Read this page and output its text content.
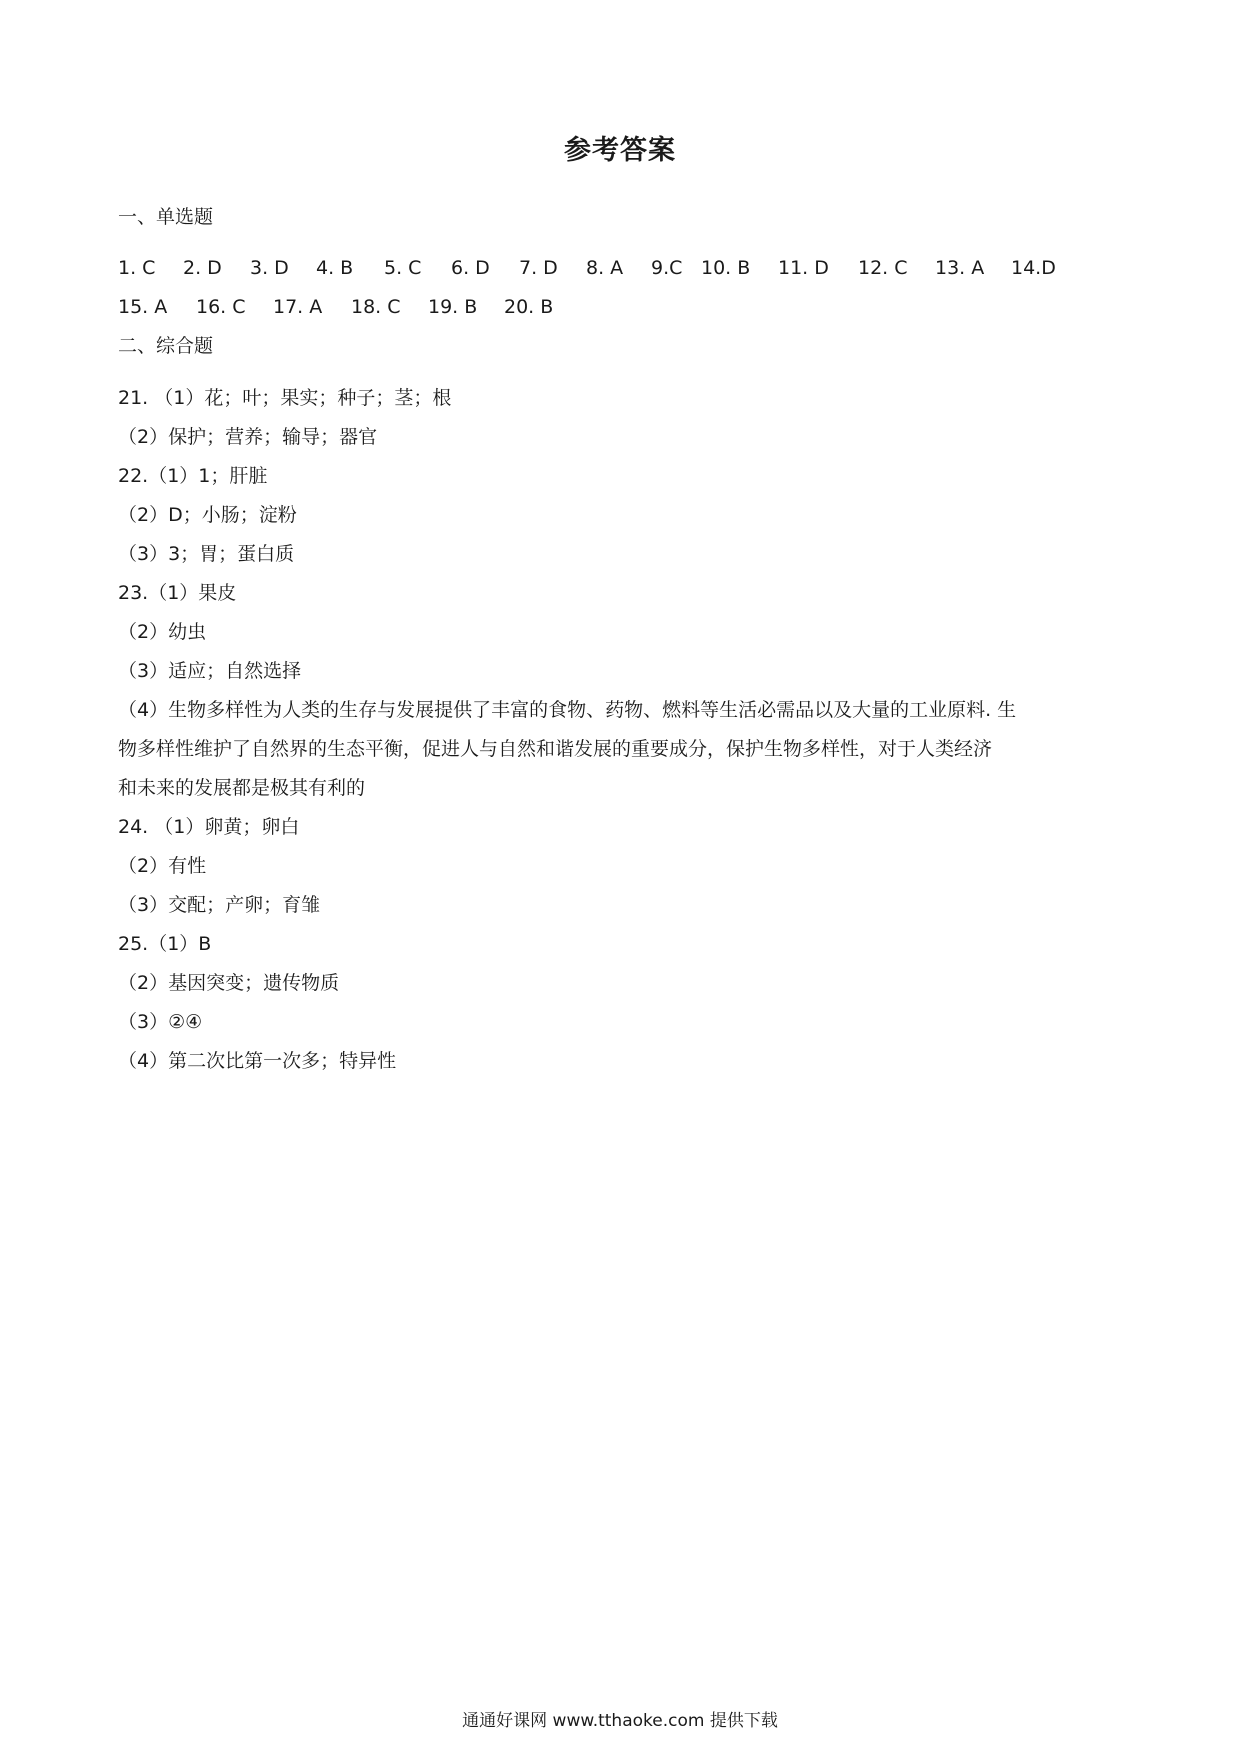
参考答案
一、单选题
1. C 2. D 3. D 4. B 5. C 6. D 7. D 8. A 9.C 10. B 11. D 12. C 13. A 14.D
15. A 16. C 17. A 18. C 19. B 20. B
二、综合题
21. （1）花；叶；果实；种子；茎；根
（2）保护；营养；输导；器官
22.（1）1；肝脏
（2）D；小肠；淀粉
（3）3；胃；蛋白质
23.（1）果皮
（2）幼虫
（3）适应；自然选择
（4）生物多样性为人类的生存与发展提供了丰富的食物、药物、燃料等生活必需品以及大量的工业原料. 生
物多样性维护了自然界的生态平衡，促进人与自然和谐发展的重要成分，保护生物多样性，对于人类经济
和未来的发展都是极其有利的
24. （1）卵黄；卵白
（2）有性
（3）交配；产卵；育雏
25.（1）B
（2）基因突变；遗传物质
（3）②④
（4）第二次比第一次多；特异性
通通好课网 www.tthaoke.com 提供下载
